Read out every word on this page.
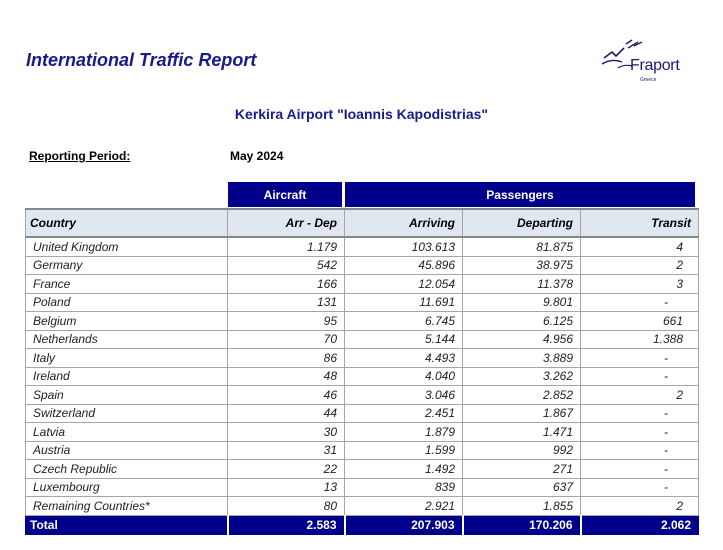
International Traffic Report	Fraport
Greece
Kerkira Airport "Ioannis Kapodistrias"
Reporting Period:	May 2024
Aircraft	Passengers
Country	Arr - Dep	Arriving	Departing	Transit
United Kingdom	1.179	103.613	81.875	4
Germany	542	45.896	38.975	2
France	166	12.054	11.378	3
Poland	131	11.691	9.801	-
Belgium	95	6.745	6.125	661
Netherlands	70	5.144	4.956	1.388
Italy	86	4.493	3.889	-
Ireland	48	4.040	3.262	-
Spain	46	3.046	2.852	2
Switzerland	44	2.451	1.867	-
Latvia	30	1.879	1.471	-
Austria	31	1.599	992	-
Czech Republic	22	1.492	271	-
Luxembourg	13	839	637	-
Remaining Countries*	80	2.921	1.855	2
Total	2.583	207.903	170.206	2.062
